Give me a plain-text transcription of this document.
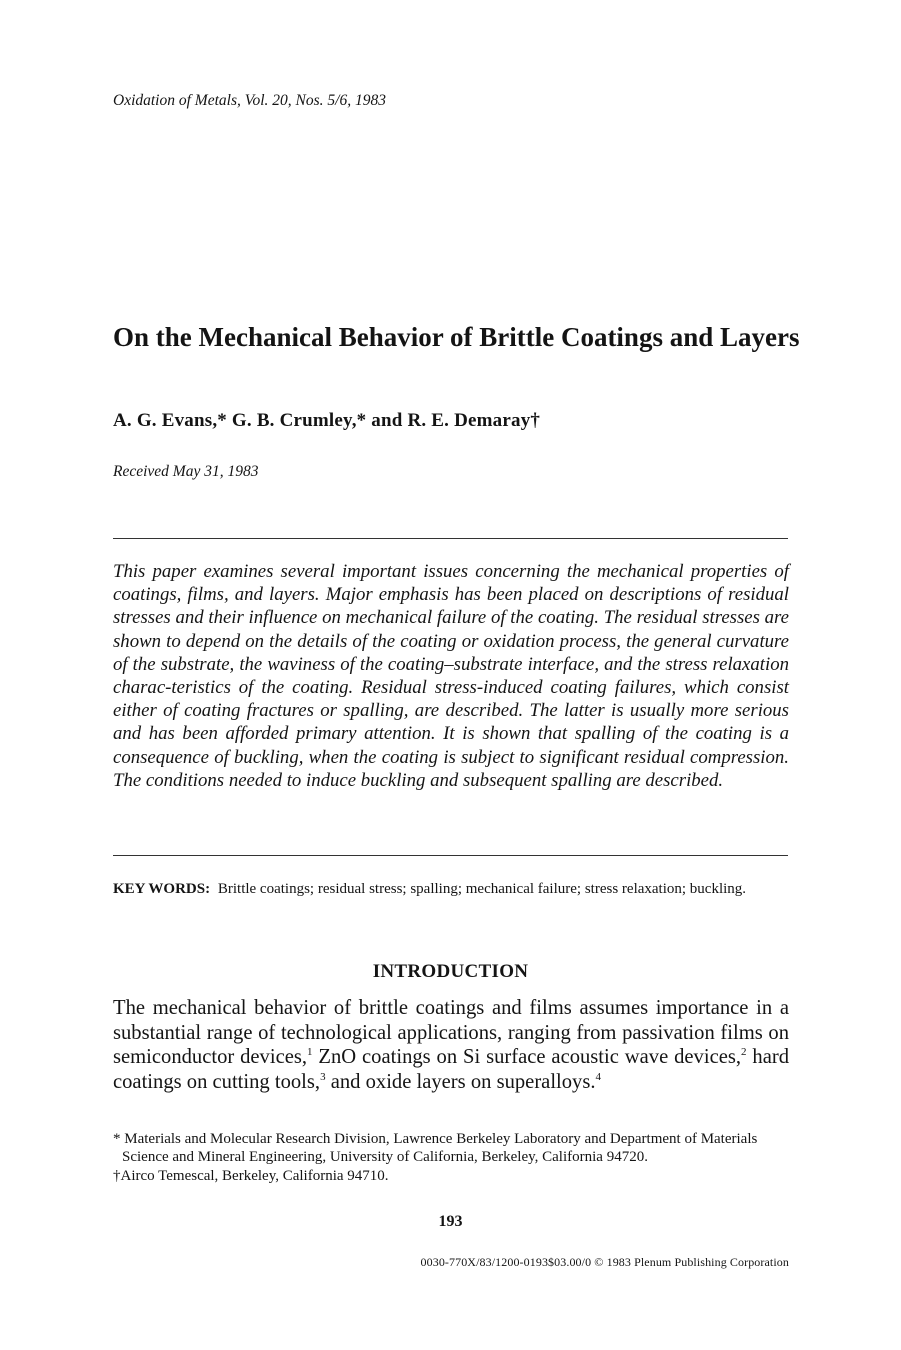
Oxidation of Metals, Vol. 20, Nos. 5/6, 1983
On the Mechanical Behavior of Brittle Coatings and Layers
A. G. Evans,* G. B. Crumley,* and R. E. Demaray†
Received May 31, 1983
This paper examines several important issues concerning the mechanical properties of coatings, films, and layers. Major emphasis has been placed on descriptions of residual stresses and their influence on mechanical failure of the coating. The residual stresses are shown to depend on the details of the coating or oxidation process, the general curvature of the substrate, the waviness of the coating–substrate interface, and the stress relaxation charac-teristics of the coating. Residual stress-induced coating failures, which consist either of coating fractures or spalling, are described. The latter is usually more serious and has been afforded primary attention. It is shown that spalling of the coating is a consequence of buckling, when the coating is subject to significant residual compression. The conditions needed to induce buckling and subsequent spalling are described.
KEY WORDS: Brittle coatings; residual stress; spalling; mechanical failure; stress relaxation; buckling.
INTRODUCTION
The mechanical behavior of brittle coatings and films assumes importance in a substantial range of technological applications, ranging from passivation films on semiconductor devices,$^1$ ZnO coatings on Si surface acoustic wave devices,$^2$ hard coatings on cutting tools,$^3$ and oxide layers on superalloys.$^4$
* Materials and Molecular Research Division, Lawrence Berkeley Laboratory and Department of Materials Science and Mineral Engineering, University of California, Berkeley, California 94720.
†Airco Temescal, Berkeley, California 94710.
193
0030-770X/83/1200-0193$03.00/0 © 1983 Plenum Publishing Corporation
